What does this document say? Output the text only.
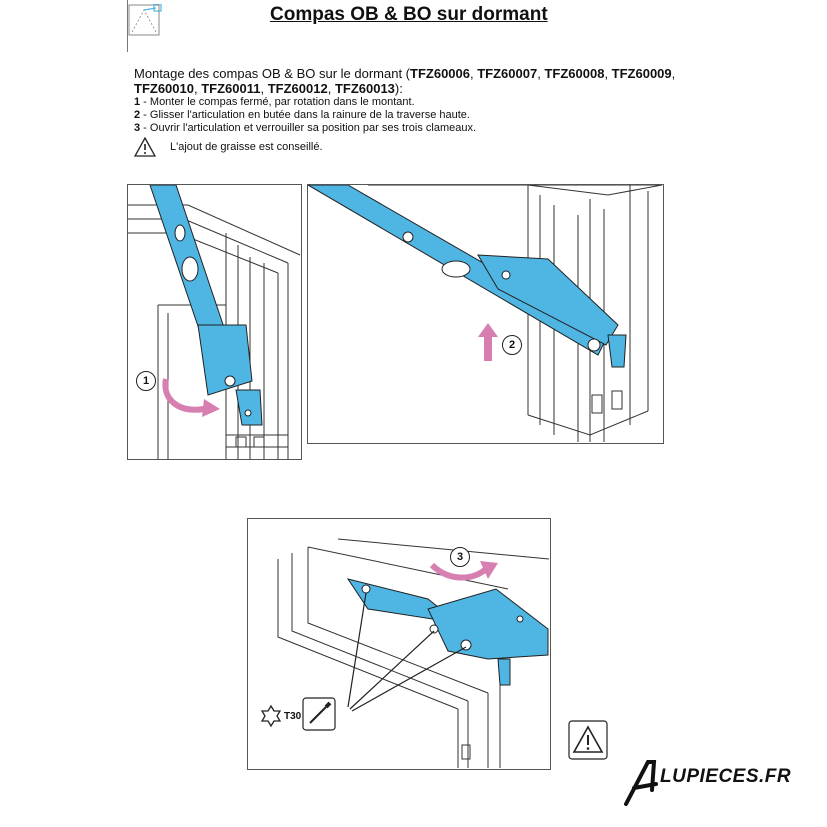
Compas OB & BO sur dormant
Montage des compas OB & BO sur le dormant (TFZ60006, TFZ60007, TFZ60008, TFZ60009,
TFZ60010, TFZ60011, TFZ60012, TFZ60013):
1 - Monter le compas fermé, par rotation dans le montant.
2 - Glisser l'articulation en butée dans la rainure de la traverse haute.
3 - Ouvrir l'articulation et verrouiller sa position par ses trois clameaux.
L'ajout de graisse est conseillé.
1
2
3
T30
LUPIECES.FR
